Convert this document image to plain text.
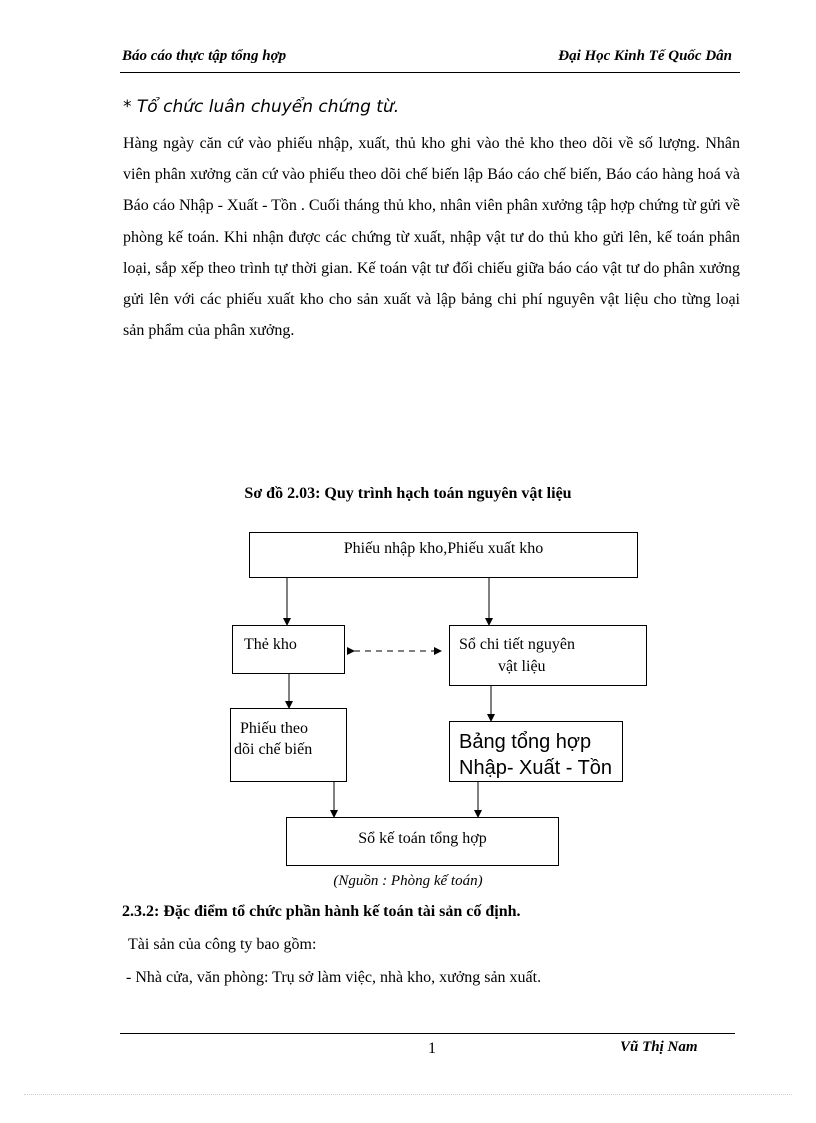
Báo cáo thực tập tổng hợp	Đại Học Kinh Tế Quốc Dân
* Tổ chức luân chuyển chứng từ.
Hàng ngày căn cứ vào phiếu nhập, xuất, thủ kho ghi vào thẻ kho theo dõi về số lượng. Nhân viên phân xưởng căn cứ vào phiếu theo dõi chế biến lập Báo cáo chế biến, Báo cáo hàng hoá và Báo cáo Nhập - Xuất - Tồn . Cuối tháng thủ kho, nhân viên phân xưởng tập hợp chứng từ gửi về phòng kế toán. Khi nhận được các chứng từ xuất, nhập vật tư do thủ kho gửi lên, kế toán phân loại, sắp xếp theo trình tự thời gian. Kế toán vật tư đối chiếu giữa báo cáo vật tư do phân xưởng gửi lên với các phiếu xuất kho cho sản xuất và lập bảng chi phí nguyên vật liệu cho từng loại sản phẩm của phân xưởng.
Sơ đồ 2.03: Quy trình hạch toán nguyên vật liệu
Phiếu nhập kho,Phiếu xuất kho
Thẻ kho	Sổ chi tiết nguyên
vật liệu
Phiếu theo
dõi chế biến	Bảng tổng hợp
Nhập- Xuất - Tồn
Sổ kế toán tổng hợp
(Nguồn : Phòng kế toán)
2.3.2: Đặc điểm tổ chức phần hành kế toán tài sản cố định.
Tài sản của công ty bao gồm:
- Nhà cửa, văn phòng: Trụ sở làm việc, nhà kho, xưởng sản xuất.
1	Vũ Thị Nam
